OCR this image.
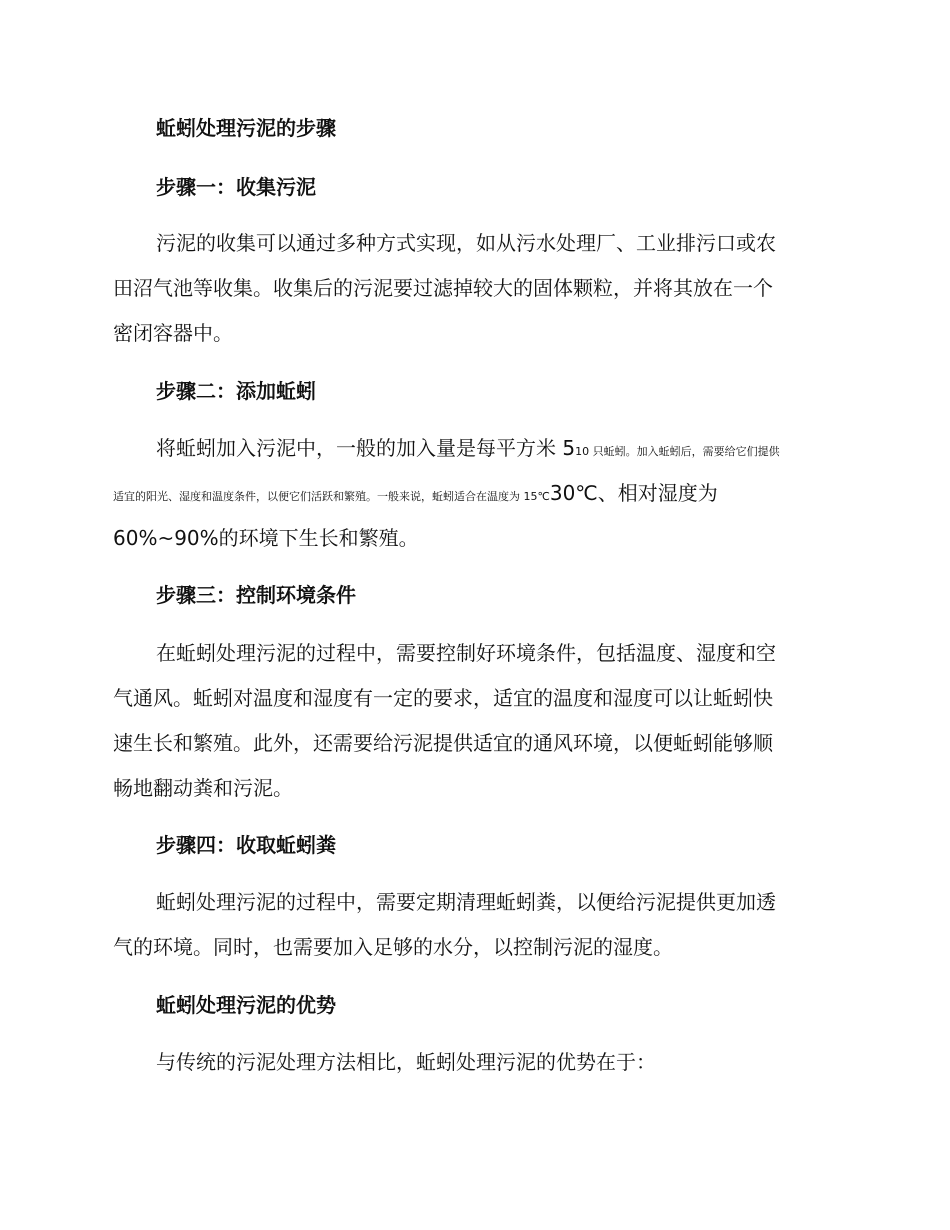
蚯蚓处理污泥的步骤
步骤一：收集污泥
污泥的收集可以通过多种方式实现，如从污水处理厂、工业排污口或农
田沼气池等收集。收集后的污泥要过滤掉较大的固体颗粒，并将其放在一个
密闭容器中。
步骤二：添加蚯蚓
将蚯蚓加入污泥中，一般的加入量是每平方米 510 只蚯蚓。加入蚯蚓后，需要给它们提供
适宜的阳光、湿度和温度条件，以便它们活跃和繁殖。一般来说，蚯蚓适合在温度为 15℃30℃、相对湿度为
60%~90%的环境下生长和繁殖。
步骤三：控制环境条件
在蚯蚓处理污泥的过程中，需要控制好环境条件，包括温度、湿度和空
气通风。蚯蚓对温度和湿度有一定的要求，适宜的温度和湿度可以让蚯蚓快
速生长和繁殖。此外，还需要给污泥提供适宜的通风环境，以便蚯蚓能够顺
畅地翻动粪和污泥。
步骤四：收取蚯蚓粪
蚯蚓处理污泥的过程中，需要定期清理蚯蚓粪，以便给污泥提供更加透
气的环境。同时，也需要加入足够的水分，以控制污泥的湿度。
蚯蚓处理污泥的优势
与传统的污泥处理方法相比，蚯蚓处理污泥的优势在于：
